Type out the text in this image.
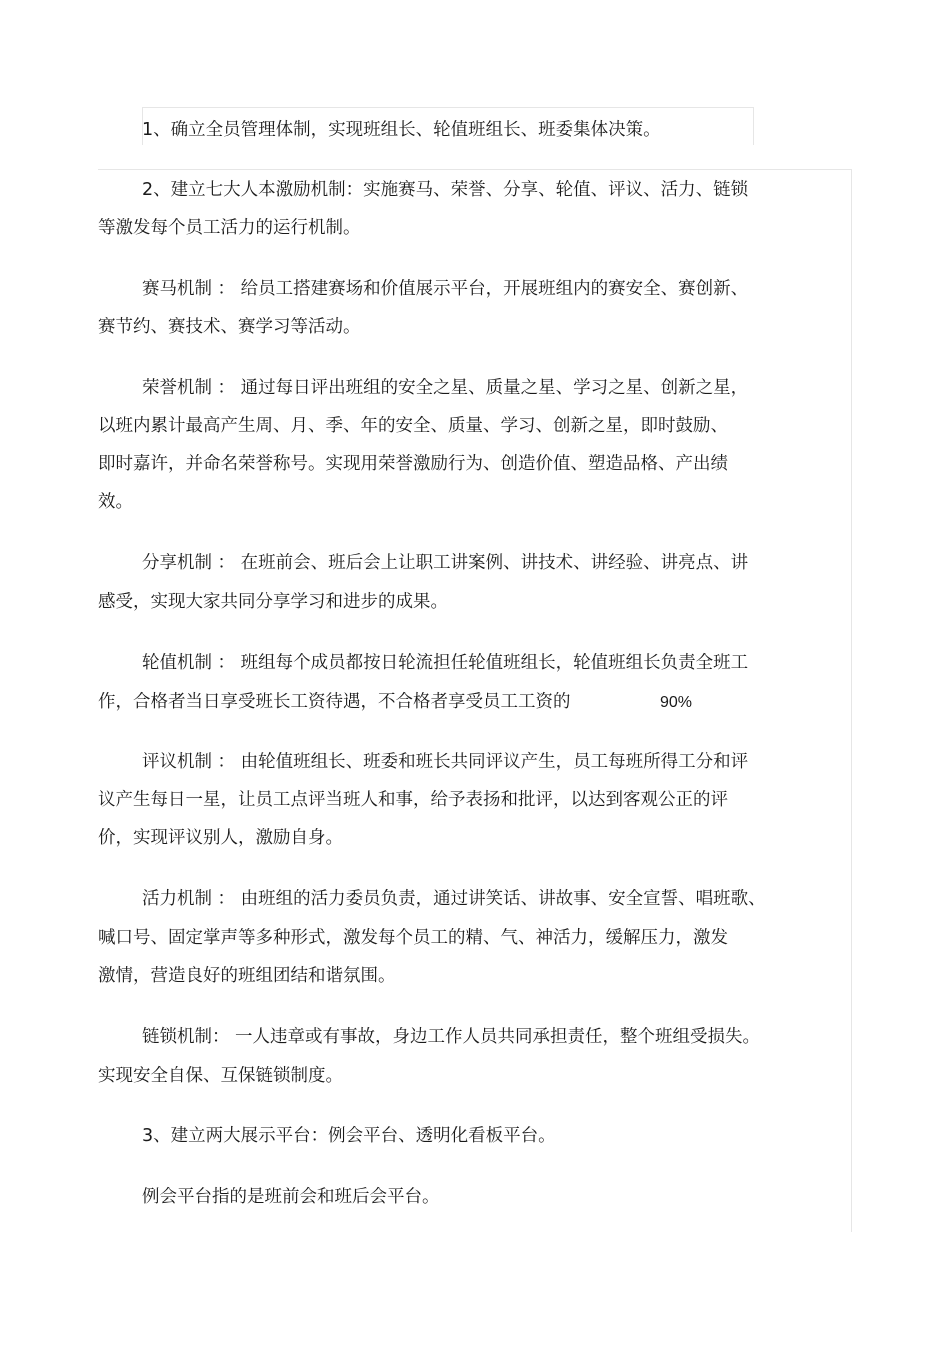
1、确立全员管理体制，实现班组长、轮值班组长、班委集体决策。

2、建立七大人本激励机制：实施赛马、荣誉、分享、轮值、评议、活力、链锁

等激发每个员工活力的运行机制。

赛马机制 ： 给员工搭建赛场和价值展示平台，开展班组内的赛安全、赛创新、

赛节约、赛技术、赛学习等活动。

荣誉机制 ： 通过每日评出班组的安全之星、质量之星、学习之星、创新之星，

以班内累计最高产生周、月、季、年的安全、质量、学习、创新之星，即时鼓励、

即时嘉许，并命名荣誉称号。实现用荣誉激励行为、创造价值、塑造品格、产出绩

效。

分享机制 ： 在班前会、班后会上让职工讲案例、讲技术、讲经验、讲亮点、讲

感受，实现大家共同分享学习和进步的成果。

轮值机制 ： 班组每个成员都按日轮流担任轮值班组长，轮值班组长负责全班工

作，合格者当日享受班长工资待遇，不合格者享受员工工资的	90%

评议机制 ： 由轮值班组长、班委和班长共同评议产生，员工每班所得工分和评

议产生每日一星，让员工点评当班人和事，给予表扬和批评，以达到客观公正的评

价，实现评议别人，激励自身。

活力机制 ： 由班组的活力委员负责，通过讲笑话、讲故事、安全宣誓、唱班歌、

喊口号、固定掌声等多种形式，激发每个员工的精、气、神活力，缓解压力，激发

激情，营造良好的班组团结和谐氛围。

链锁机制： 一人违章或有事故，身边工作人员共同承担责任，整个班组受损失。

实现安全自保、互保链锁制度。

3、建立两大展示平台：例会平台、透明化看板平台。

例会平台指的是班前会和班后会平台。
